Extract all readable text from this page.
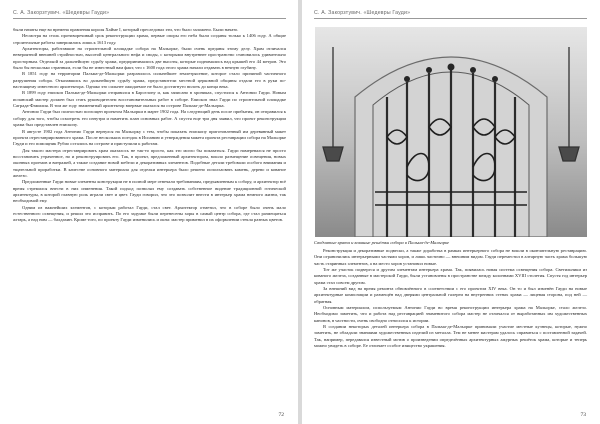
С. А. Закорзтувич. «Шедевры Гауди»

были начаты еще во времена правления короля Хайме I, который преследовал эти, что было заложено. Были начато.

Несмотря на столь противоречивый срок реконструкции храма, первые опоры его неба были созданы только к 1406 году. А общие строительные работы завершились лишь к 1613 году.

Архитекторы, работавшие на строительной площадке собора на Мальорке, были очень преданы этому делу. Храм отличался невероятной внешней стройностью, высотой центрального нефа и своды, с которыми внутреннее пространство становилось удивительно просторным. Отделкой за дальнейшую судьбу храма, предпринимались две высоты, которые поднимались над крышей его 44 метров. Это было бы несколько странным, если бы не известный вам факт, что с 1600 года этого храма начали отдавать в вечную глубину.

В 1851 году на территории Пальма-де-Мальорки разразилось сильнейшее землетрясение, которое стало причиной частичного разрушения собора. Отказавшись во дальнейшую судьбу храма, представители местной церковной общины отдали его в руки по-настоящему известного архитектора. Однако это сильнее ожидаемое не было достигнуто вплоть до конца века.

В 1899 году епископ Пальма-де-Мальорки отправился в Барселону и, как записано в хрониках, спустился к Антонио Гауди. Новым испанский мастер должен был стать руководителем восстановительных работ в соборе. Епископ знал Гауди по строительной площадке Саграда-Фамилия. В том же году знаменитый архитектор впервые оказался на острове Пальма-де-Мальорка.

Антонио Гауди был полностью поглощен проектом Мальорки в марте 1902 года. На следующий день после прибытия, он отправился к собору для того, чтобы осмотреть его изнутри и наметить план основных работ. А спустя еще три дня заявил, что проект реконструкции храма был представлен епископу.

В августе 1902 года Антонио Гауди вернулся на Мальорку с тем, чтобы показать епископу приготовленный им деревянный макет проекта отреставрированного храма. После нескольких поездок в Испанию и утверждения макета проекта реставрации собора на Мальорке Гауди и его помощник Рубио остались на острове и приступили к работам.

Для такого мастера отреставрировать храм оказалось не так-то просто, как это могло бы показаться. Гауди намеревался не просто восстановить утраченное, но и реконструировать его. Так, в проект, предложенный архитектором, вошло размещение освещения, новых оконных проемов и витражей, а также создание новой мебели и декоративных элементов. Подобные детали требовали особого внимания и тщательной проработки. В качестве основного материала для отделки интерьера было решено использовать камень, дерево и кованое железо.

Предложенные Гауди новые элементы конструкции не в полной мере отвечали требованиям, предъявленным к собору, и архитектор всё время стремился внести в них изменения. Такой подход позволял ему создавать собственное видение традиционной готической архитектуры, в которой главную роль играли свет и цвет. Гауди говорил, что это позволит внести в интерьер храма немного жизни, так необходимой ему.

Одним из важнейших элементов, с которым работал Гауди, стал свет. Архитектор отметил, что в соборе было очень мало естественного освещения, и решил это исправить. По его задумке были перенесены хоры в самый центр собора, где стал размещаться алтарь, а над ним — балдахин. Кроме того, по проекту Гауди изменились и окна: мастер применил в их оформлении стекла разных цветов.

72
С. А. Закорзтувич. «Шедевры Гауди»
Сводчатые врата и кованые решётки собора в Пальма-де-Мальорке

Реконструкция и декоративные подвески, а также доработка в рамках интерьерного собора не вошли в окончательную реставрацию. Они ограничились интерьерными частями хоров, и лишь частично — внешним видом. Гауди переместил в алтарную часть храма большую часть старинных элементов, а на место хоров установил новые.

Тот же участок подвергся и другим элементам интерьера храма. Так, появилась новая система освещения собора. Светильники из кованого железа, созданные в мастерской Гауди, были установлены в пространстве между колоннами XVIII столетия. Спустя год интерьер храма стал совсем другим.

За внешний вид на время ремонта обновлённого в соответствии с его проектом XIV века. Он то и был изменён Гауди на новые архитектурные композиции и размещён над дверями центральной галереи на внутренних стенах храма — лицевая сторона, под ней — обратная.

Основным материалом, используемым Антонио Гауди во время реконструкции интерьера храма на Мальорке, стало железо. Необходимо заметить, что и работа над реставрацией знаменитого собора мастер не отличался от выработанных им художественных канонов, в частности, очень свободно относился к истории.

В создании некоторых деталей интерьера собора в Пальма-де-Мальорке принимали участие местные кузнецы, которые, нужно заметить, не обладали знаниями художественных изделий из металла. Тем не менее мастерам удалось справиться с поставленной задачей. Так, например, передавался известный мотив о произведении определённых архитектурных ажурных решёток храма, которые и теперь можно увидеть в соборе. Ее отличает особое изящество украшения.

73
